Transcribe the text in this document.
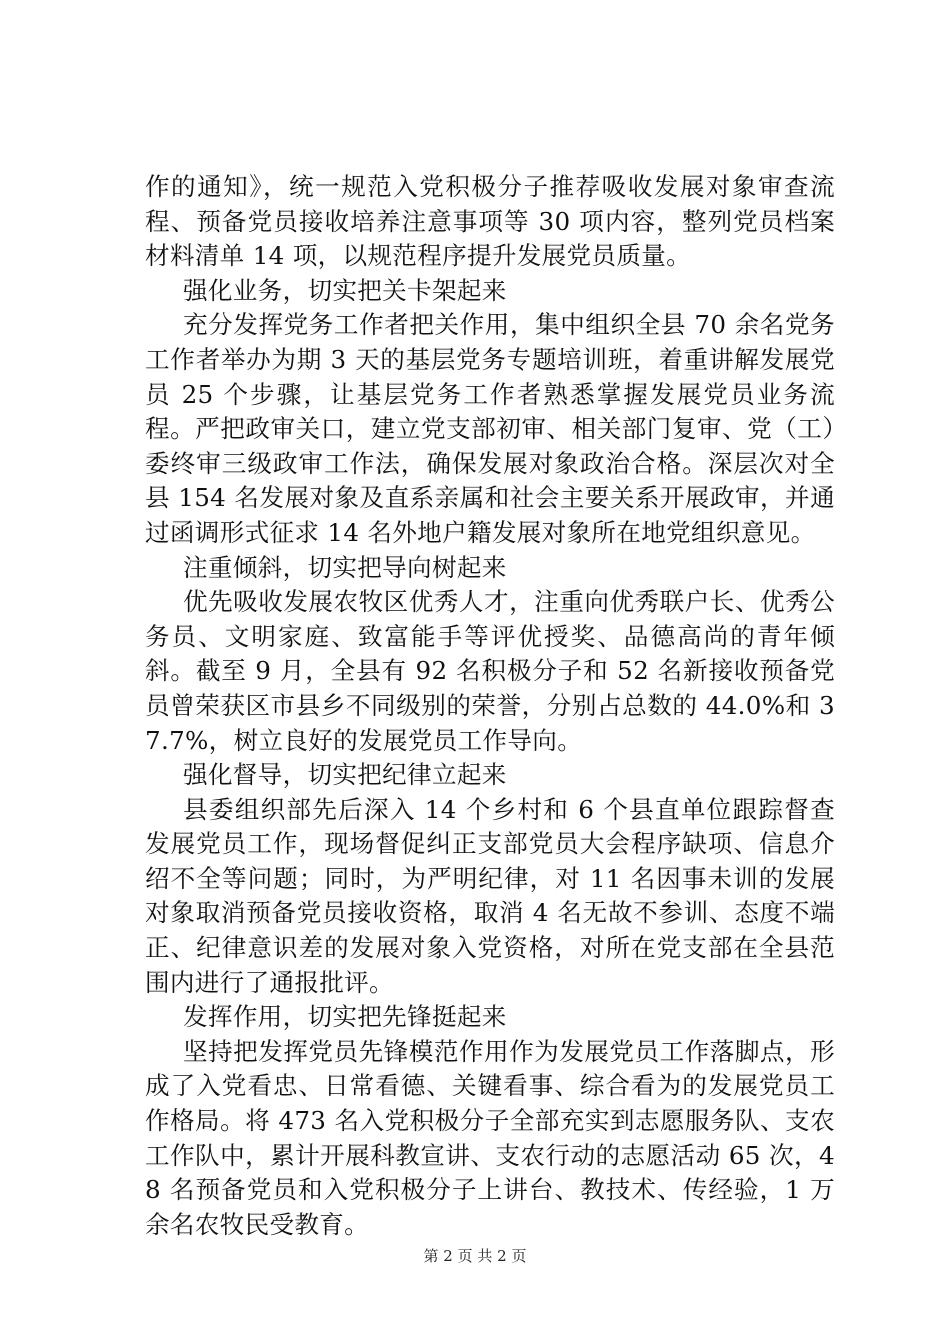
作的通知》，统一规范入党积极分子推荐吸收发展对象审查流程、预备党员接收培养注意事项等 30 项内容，整列党员档案材料清单 14 项，以规范程序提升发展党员质量。

强化业务，切实把关卡架起来

充分发挥党务工作者把关作用，集中组织全县 70 余名党务工作者举办为期 3 天的基层党务专题培训班，着重讲解发展党员 25 个步骤，让基层党务工作者熟悉掌握发展党员业务流程。严把政审关口，建立党支部初审、相关部门复审、党（工）委终审三级政审工作法，确保发展对象政治合格。深层次对全县 154 名发展对象及直系亲属和社会主要关系开展政审，并通过函调形式征求 14 名外地户籍发展对象所在地党组织意见。

注重倾斜，切实把导向树起来

优先吸收发展农牧区优秀人才，注重向优秀联户长、优秀公务员、文明家庭、致富能手等评优授奖、品德高尚的青年倾斜。截至 9 月，全县有 92 名积极分子和 52 名新接收预备党员曾荣获区市县乡不同级别的荣誉，分别占总数的 44.0%和 37.7%，树立良好的发展党员工作导向。

强化督导，切实把纪律立起来

县委组织部先后深入 14 个乡村和 6 个县直单位跟踪督查发展党员工作，现场督促纠正支部党员大会程序缺项、信息介绍不全等问题；同时，为严明纪律，对 11 名因事未训的发展对象取消预备党员接收资格，取消 4 名无故不参训、态度不端正、纪律意识差的发展对象入党资格，对所在党支部在全县范围内进行了通报批评。

发挥作用，切实把先锋挺起来

坚持把发挥党员先锋模范作用作为发展党员工作落脚点，形成了入党看忠、日常看德、关键看事、综合看为的发展党员工作格局。将 473 名入党积极分子全部充实到志愿服务队、支农工作队中，累计开展科教宣讲、支农行动的志愿活动 65 次，48 名预备党员和入党积极分子上讲台、教技术、传经验，1 万余名农牧民受教育。

第 2 页 共 2 页
